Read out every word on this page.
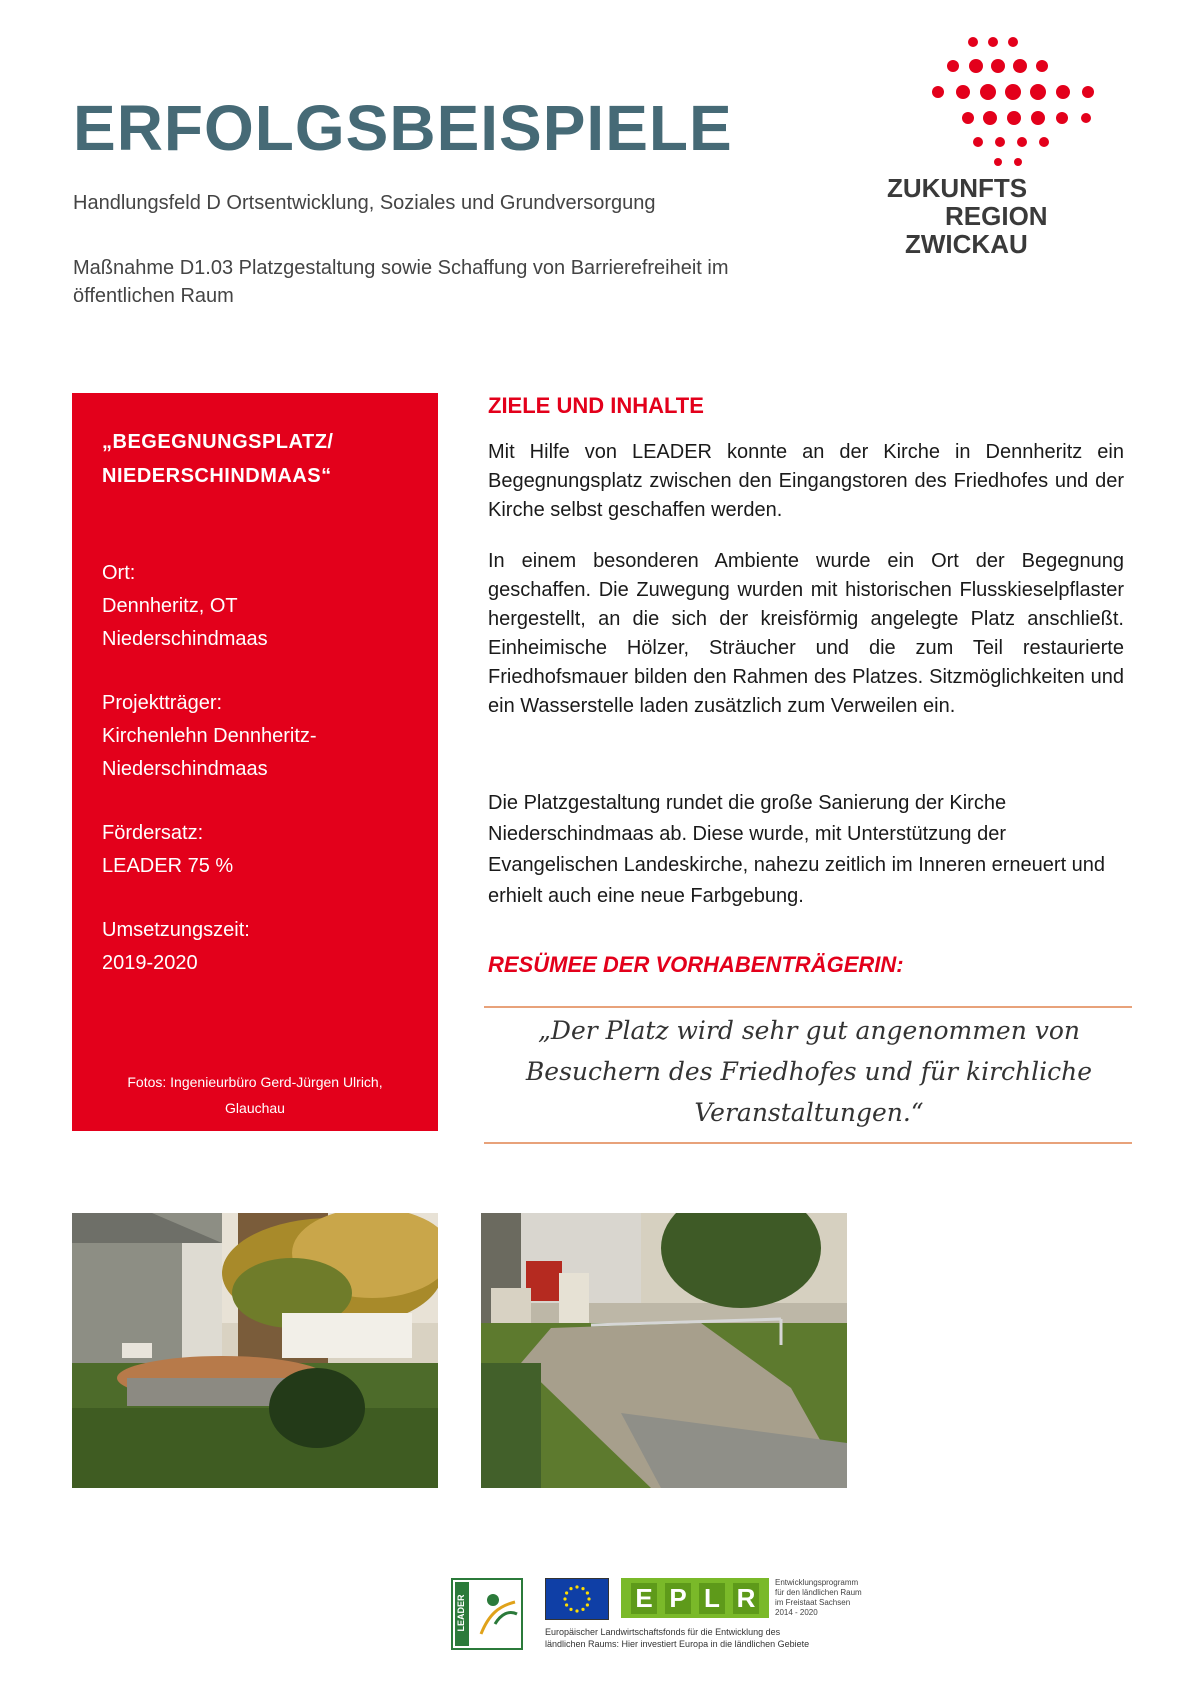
ERFOLGSBEISPIELE

Handlungsfeld D Ortsentwicklung, Soziales und Grundversorgung

Maßnahme D1.03 Platzgestaltung sowie Schaffung von Barrierefreiheit im öffentlichen Raum

ZUKUNFTS
REGION
ZWICKAU
„BEGEGNUNGSPLATZ/
NIEDERSCHINDMAAS“
Ort:
Dennheritz, OT
Niederschindmaas
Projektträger:
Kirchenlehn Dennheritz-
Niederschindmaas
Fördersatz:
LEADER 75 %
Umsetzungszeit:
2019-2020
Fotos: Ingenieurbüro Gerd-Jürgen Ulrich,
Glauchau
ZIELE UND INHALTE

Mit Hilfe von LEADER konnte an der Kirche in Dennheritz ein Begegnungsplatz zwischen den Eingangstoren des Friedhofes und der Kirche selbst geschaffen werden.

In einem besonderen Ambiente wurde ein Ort der Begegnung geschaffen. Die Zuwegung wurden mit historischen Flusskieselpflaster hergestellt, an die sich der kreisförmig angelegte Platz anschließt. Einheimische Hölzer, Sträucher und die zum Teil restaurierte Friedhofsmauer bilden den Rahmen des Platzes. Sitzmöglichkeiten und ein Wasserstelle laden zusätzlich zum Verweilen ein.

Die Platzgestaltung rundet die große Sanierung der Kirche Niederschindmaas ab. Diese wurde, mit Unterstützung der Evangelischen Landeskirche, nahezu zeitlich im Inneren erneuert und erhielt auch eine neue Farbgebung.

RESÜMEE DER VORHABENTRÄGERIN:

„Der Platz wird sehr gut angenommen von Besuchern des Friedhofes und für kirchliche Veranstaltungen.“

LEADER	E P L R	Entwicklungsprogramm
für den ländlichen Raum
im Freistaat Sachsen
2014 - 2020
Europäischer Landwirtschaftsfonds für die Entwicklung des
ländlichen Raums: Hier investiert Europa in die ländlichen Gebiete
